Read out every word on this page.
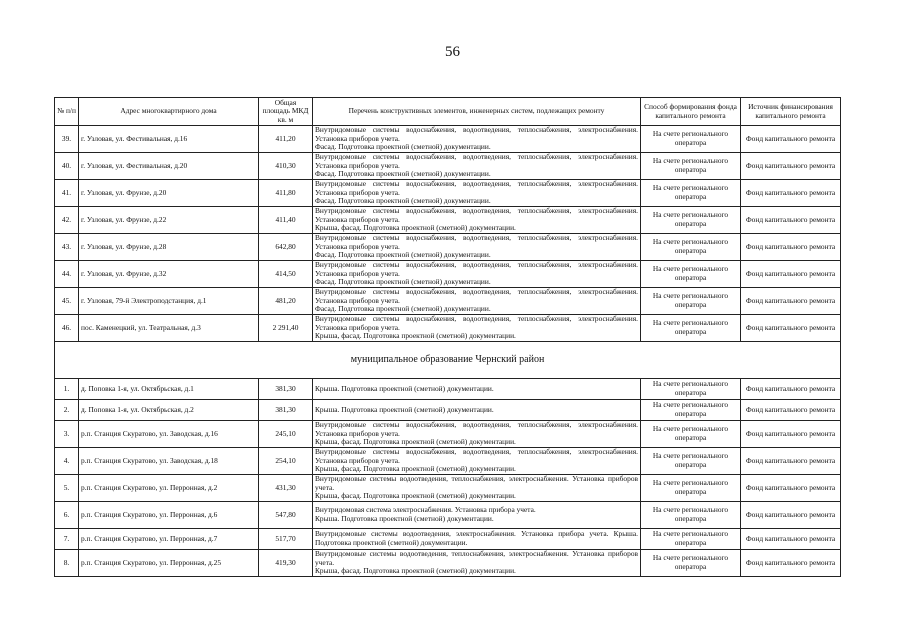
56
№ п/п	Адрес многоквартирного дома	Общая площадь МКД кв. м	Перечень конструктивных элементов, инженерных систем, подлежащих ремонту	Способ формирования фонда капитального ремонта	Источник финансирования капитального ремонта
39.	г. Узловая, ул. Фестивальная, д.16	411,20	Внутридомовые системы водоснабжения, водоотведения, теплоснабжения, электроснабжения. Установка приборов учета.
Фасад. Подготовка проектной (сметной) документации.	На счете регионального оператора	Фонд капитального ремонта
40.	г. Узловая, ул. Фестивальная, д.20	410,30	Внутридомовые системы водоснабжения, водоотведения, теплоснабжения, электроснабжения. Установка приборов учета.
Фасад. Подготовка проектной (сметной) документации.	На счете регионального оператора	Фонд капитального ремонта
41.	г. Узловая, ул. Фрунзе, д.20	411,80	Внутридомовые системы водоснабжения, водоотведения, теплоснабжения, электроснабжения. Установка приборов учета.
Фасад. Подготовка проектной (сметной) документации.	На счете регионального оператора	Фонд капитального ремонта
42.	г. Узловая, ул. Фрунзе, д.22	411,40	Внутридомовые системы водоснабжения, водоотведения, теплоснабжения, электроснабжения. Установка приборов учета.
Крыша, фасад. Подготовка проектной (сметной) документации.	На счете регионального оператора	Фонд капитального ремонта
43.	г. Узловая, ул. Фрунзе, д.28	642,80	Внутридомовые системы водоснабжения, водоотведения, теплоснабжения, электроснабжения. Установка приборов учета.
Фасад. Подготовка проектной (сметной) документации.	На счете регионального оператора	Фонд капитального ремонта
44.	г. Узловая, ул. Фрунзе, д.32	414,50	Внутридомовые системы водоснабжения, водоотведения, теплоснабжения, электроснабжения. Установка приборов учета.
Фасад. Подготовка проектной (сметной) документации.	На счете регионального оператора	Фонд капитального ремонта
45.	г. Узловая, 79-й Электроподстанция, д.1	481,20	Внутридомовые системы водоснабжения, водоотведения, теплоснабжения, электроснабжения. Установка приборов учета.
Фасад. Подготовка проектной (сметной) документации.	На счете регионального оператора	Фонд капитального ремонта
46.	пос. Каменецкий, ул. Театральная, д.3	2 291,40	Внутридомовые системы водоснабжения, водоотведения, теплоснабжения, электроснабжения. Установка приборов учета.
Крыша, фасад. Подготовка проектной (сметной) документации.	На счете регионального оператора	Фонд капитального ремонта
муниципальное образование Чернский район					
1.	д. Поповка 1-я, ул. Октябрьская, д.1	381,30	Крыша. Подготовка проектной (сметной) документации.	На счете регионального оператора	Фонд капитального ремонта
2.	д. Поповка 1-я, ул. Октябрьская, д.2	381,30	Крыша. Подготовка проектной (сметной) документации.	На счете регионального оператора	Фонд капитального ремонта
3.	р.п. Станция Скуратово, ул. Заводская, д.16	245,10	Внутридомовые системы водоснабжения, водоотведения, теплоснабжения, электроснабжения. Установка приборов учета.
Крыша, фасад. Подготовка проектной (сметной) документации.	На счете регионального оператора	Фонд капитального ремонта
4.	р.п. Станция Скуратово, ул. Заводская, д.18	254,10	Внутридомовые системы водоснабжения, водоотведения, теплоснабжения, электроснабжения. Установка приборов учета.
Крыша, фасад. Подготовка проектной (сметной) документации.	На счете регионального оператора	Фонд капитального ремонта
5.	р.п. Станция Скуратово, ул. Перронная, д.2	431,30	Внутридомовые системы водоотведения, теплоснабжения, электроснабжения. Установка приборов учета.
Крыша, фасад. Подготовка проектной (сметной) документации.	На счете регионального оператора	Фонд капитального ремонта
6.	р.п. Станция Скуратово, ул. Перронная, д.6	547,80	Внутридомовая система электроснабжения. Установка прибора учета.
Крыша. Подготовка проектной (сметной) документации.	На счете регионального оператора	Фонд капитального ремонта
7.	р.п. Станция Скуратово, ул. Перронная, д.7	517,70	Внутридомовые системы водоотведения, электроснабжения. Установка прибора учета. Крыша. Подготовка проектной (сметной) документации.	На счете регионального оператора	Фонд капитального ремонта
8.	р.п. Станция Скуратово, ул. Перронная, д.25	419,30	Внутридомовые системы водоотведения, теплоснабжения, электроснабжения. Установка приборов учета.
Крыша, фасад. Подготовка проектной (сметной) документации.	На счете регионального оператора	Фонд капитального ремонта
